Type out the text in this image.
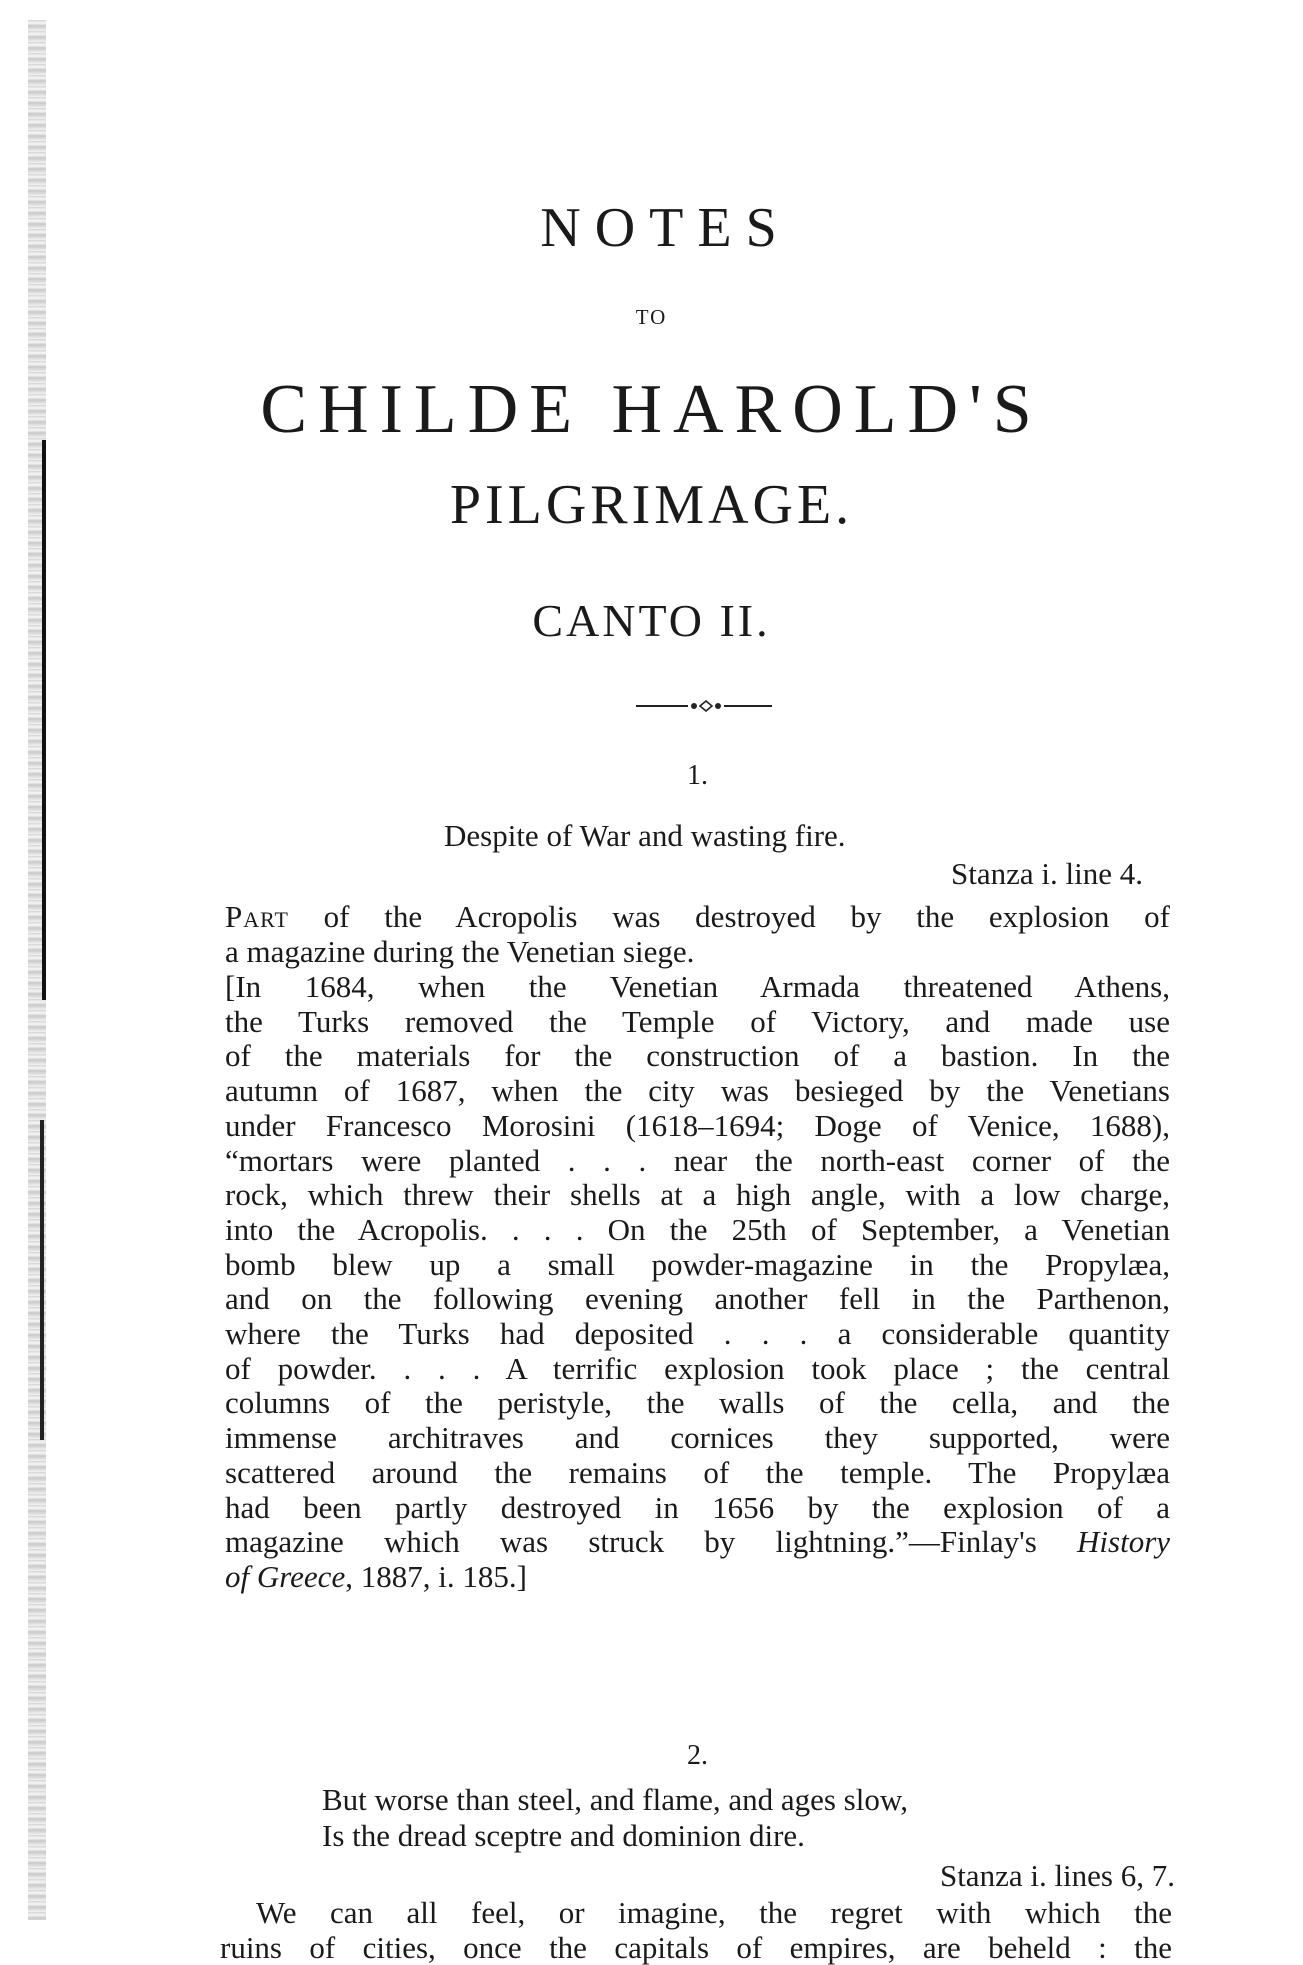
NOTES
TO
CHILDE HAROLD'S
PILGRIMAGE.
CANTO II.
1.

Despite of War and wasting fire.

Stanza i. line 4.

Part of the Acropolis was destroyed by the explosion of
a magazine during the Venetian siege.
[In 1684, when the Venetian Armada threatened Athens,
the Turks removed the Temple of Victory, and made use
of the materials for the construction of a bastion. In the
autumn of 1687, when the city was besieged by the Venetians
under Francesco Morosini (1618–1694; Doge of Venice, 1688),
“mortars were planted . . . near the north-east corner of the
rock, which threw their shells at a high angle, with a low charge,
into the Acropolis. . . . On the 25th of September, a Venetian
bomb blew up a small powder-magazine in the Propylæa,
and on the following evening another fell in the Parthenon,
where the Turks had deposited . . . a considerable quantity
of powder. . . . A terrific explosion took place ; the central
columns of the peristyle, the walls of the cella, and the
immense architraves and cornices they supported, were
scattered around the remains of the temple. The Propylæa
had been partly destroyed in 1656 by the explosion of a
magazine which was struck by lightning.”—Finlay's History
of Greece, 1887, i. 185.]
2.

But worse than steel, and flame, and ages slow,

Is the dread sceptre and dominion dire.

Stanza i. lines 6, 7.

We can all feel, or imagine, the regret with which the
ruins of cities, once the capitals of empires, are beheld : the
